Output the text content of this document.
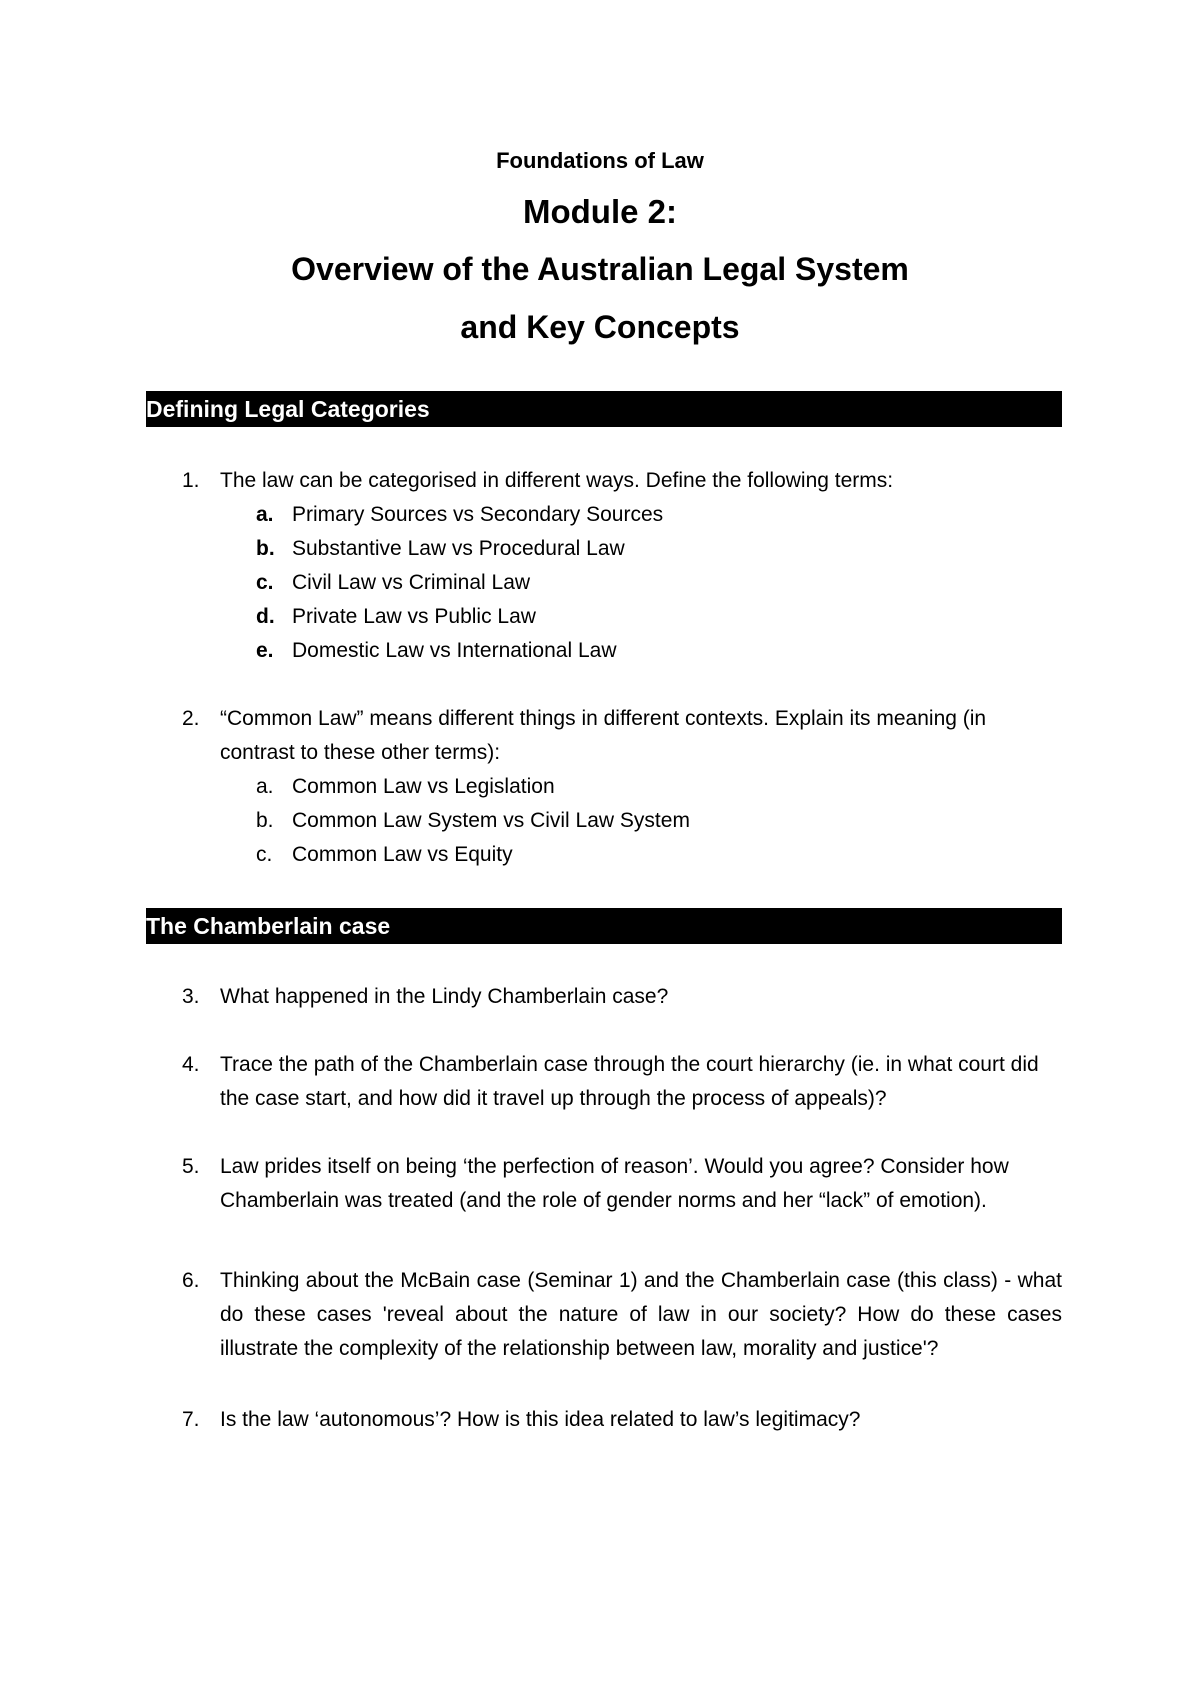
Foundations of Law
Module 2:
Overview of the Australian Legal System
and Key Concepts
Defining Legal Categories
1. The law can be categorised in different ways. Define the following terms:
a. Primary Sources vs Secondary Sources
b. Substantive Law vs Procedural Law
c. Civil Law vs Criminal Law
d. Private Law vs Public Law
e. Domestic Law vs International Law
2. “Common Law” means different things in different contexts. Explain its meaning (in contrast to these other terms):
a. Common Law vs Legislation
b. Common Law System vs Civil Law System
c. Common Law vs Equity
The Chamberlain case
3. What happened in the Lindy Chamberlain case?
4. Trace the path of the Chamberlain case through the court hierarchy (ie. in what court did the case start, and how did it travel up through the process of appeals)?
5. Law prides itself on being ‘the perfection of reason’. Would you agree? Consider how Chamberlain was treated (and the role of gender norms and her “lack” of emotion).
6. Thinking about the McBain case (Seminar 1) and the Chamberlain case (this class) - what do these cases 'reveal about the nature of law in our society? How do these cases illustrate the complexity of the relationship between law, morality and justice'?
7. Is the law ‘autonomous’? How is this idea related to law’s legitimacy?
